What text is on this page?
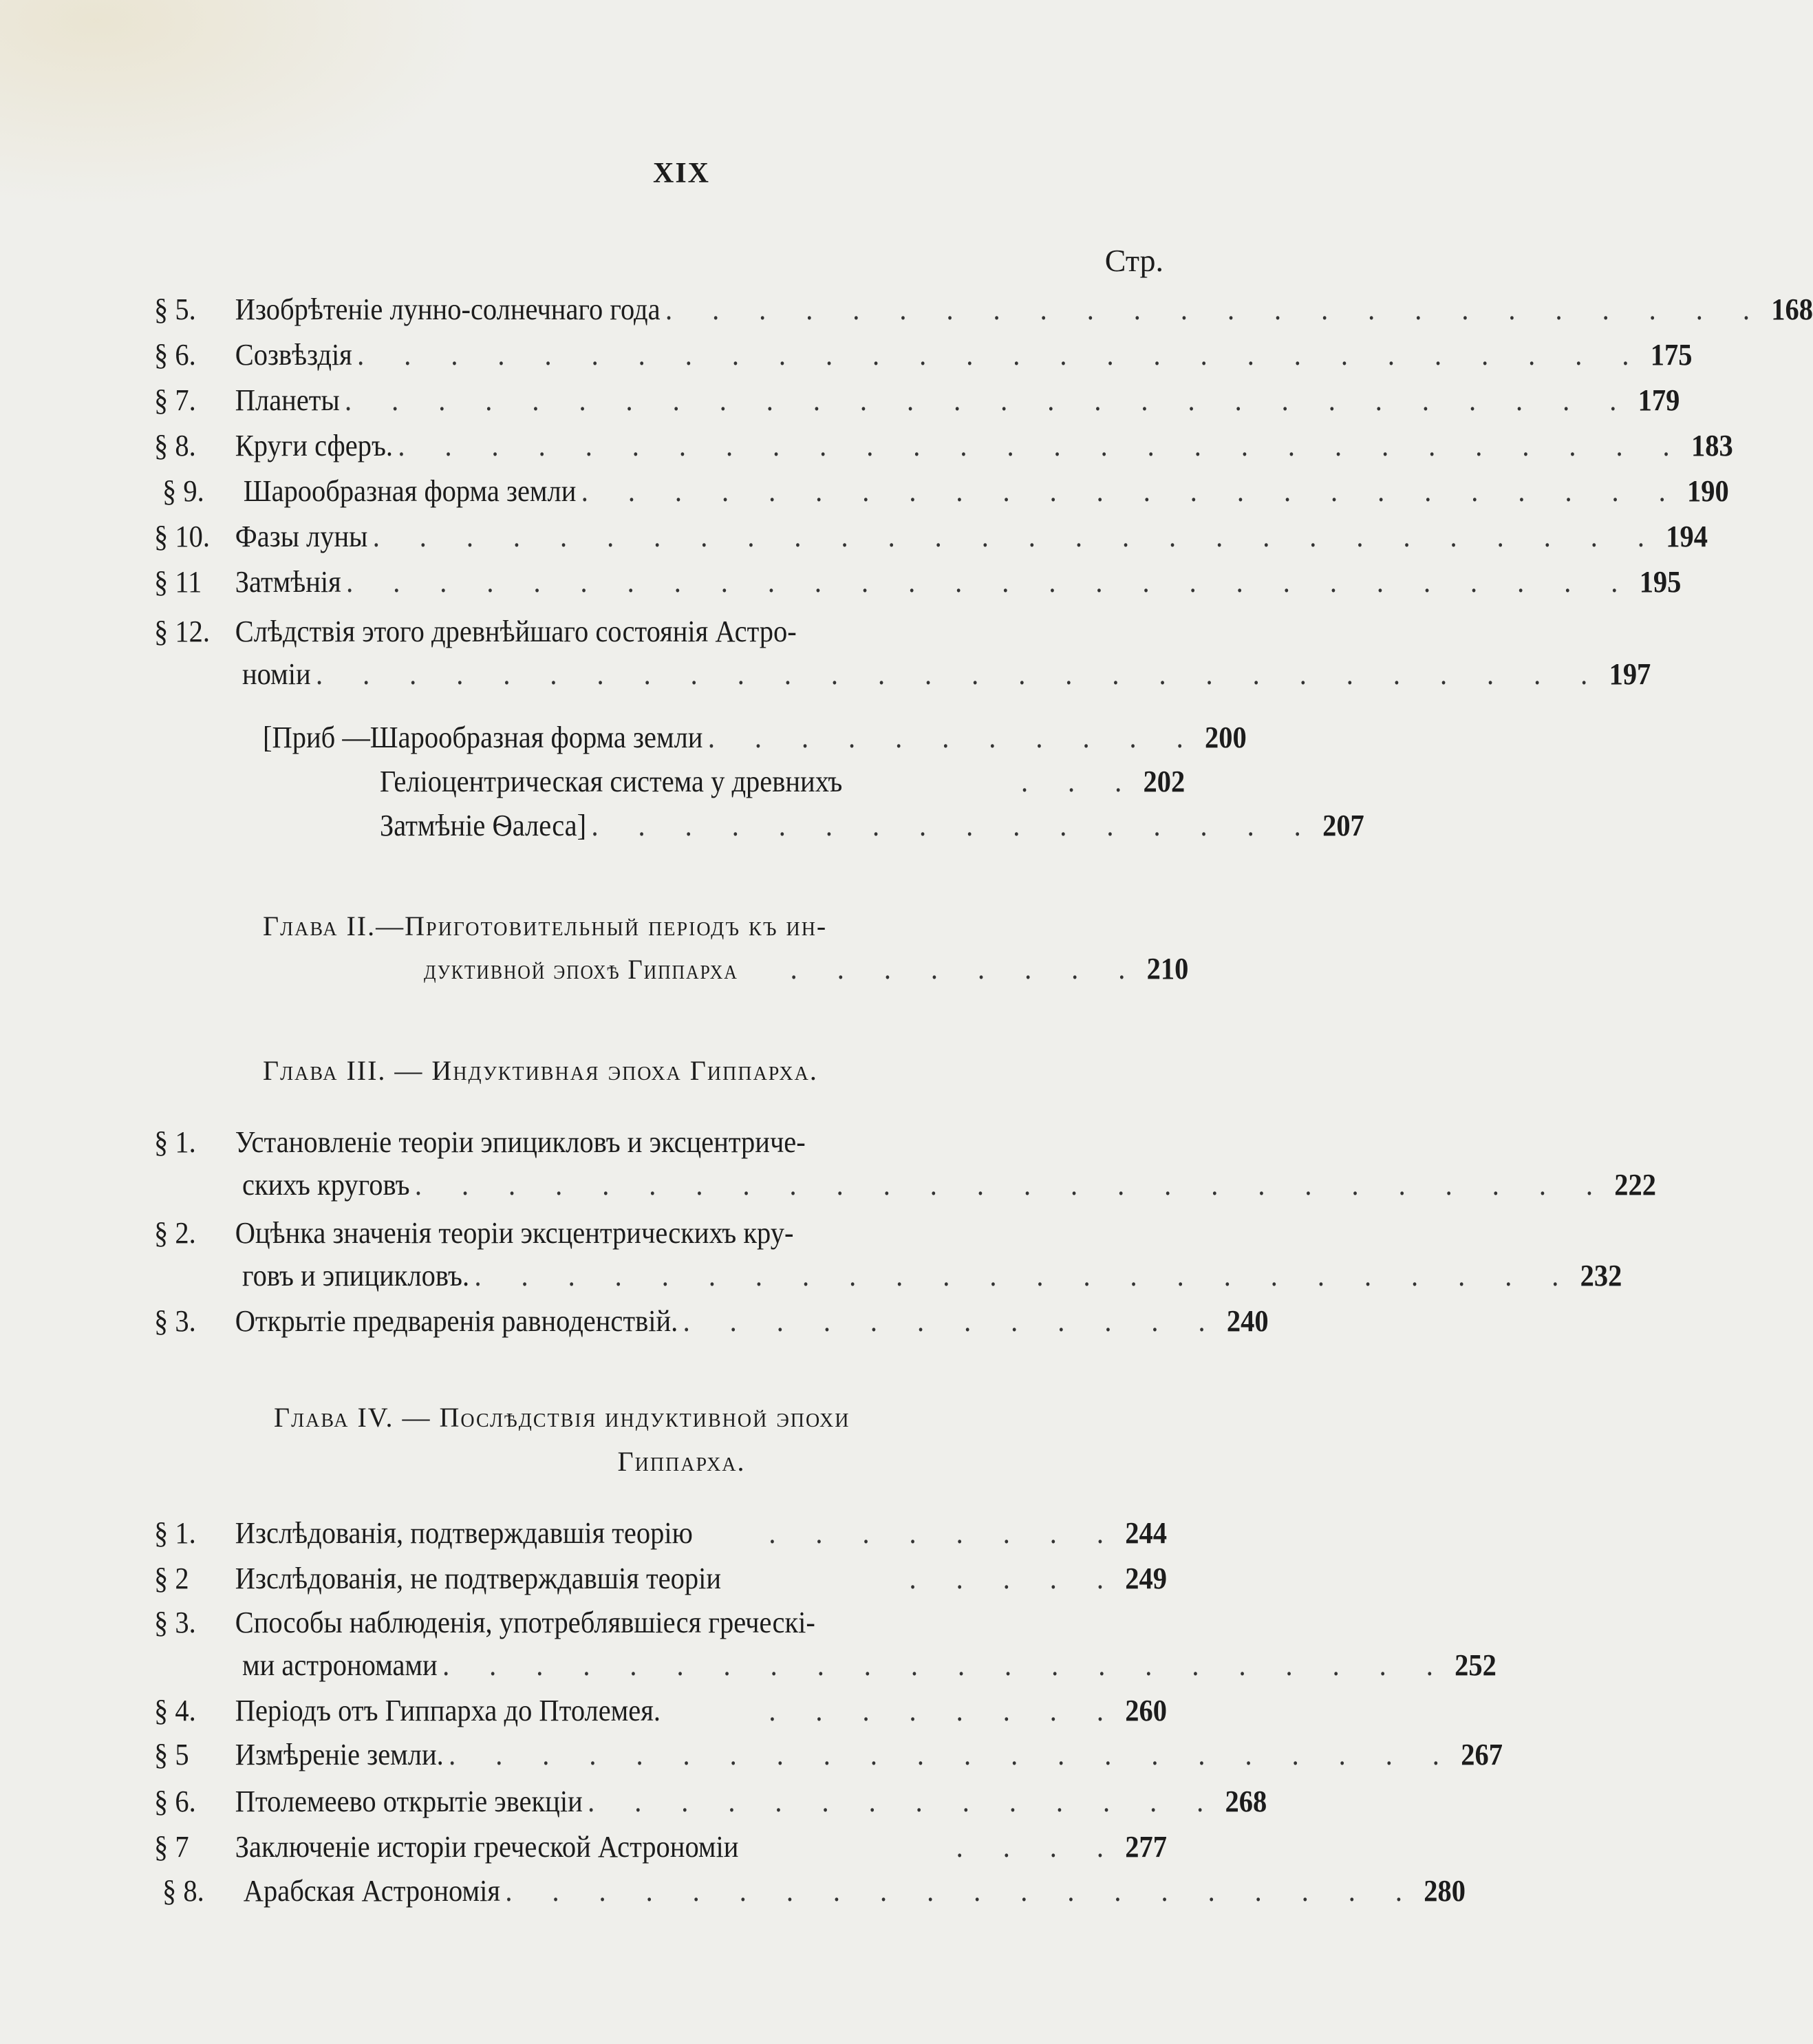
XIX
Стр.
§ 5.	Изобрѣтеніе лунно-солнечнаго года . . . . . . . . . . . . . . . . . . . . . . . . 168
§ 6.	Созвѣздія . . . . . . . . . . . . . . . . . . . . . . . . . . . . 175
§ 7.	Планеты . . . . . . . . . . . . . . . . . . . . . . . . . . . . 179
§ 8.	Круги сферъ. . . . . . . . . . . . . . . . . . . . . . . . . . . . . 183
§ 9.	Шарообразная форма земли . . . . . . . . . . . . . . . . . . . . . . . . 190
§ 10. Фазы луны . . . . . . . . . . . . . . . . . . . . . . . . . . . . 194
§ 11	Затмѣнія . . . . . . . . . . . . . . . . . . . . . . . . . . . . 195
§ 12. Слѣдствія этого древнѣйшаго состоянія Астро-
номіи . . . . . . . . . . . . . . . . . . . . . . . . . . . . 197
[Приб —Шарообразная форма земли . . . . . . . . . . . 200
Геліоцентрическая система у древнихъ	. . . 202
Затмѣніе Ѳалеса] . . . . . . . . . . . . . . . . 207
Глава II.—Приготовительный періодъ къ ин-
дуктивной эпохѣ Гиппарха	. . . . . . . . 210
Глава III. — Индуктивная эпоха Гиппарха.
§ 1.	Установленіе теоріи эпицикловъ и эксцентриче-
скихъ круговъ . . . . . . . . . . . . . . . . . . . . . . . . . . 222
§ 2.	Оцѣнка значенія теоріи эксцентрическихъ кру-
говъ и эпицикловъ. . . . . . . . . . . . . . . . . . . . . . . . . 232
§ 3.	Открытіе предваренія равноденствій. . . . . . . . . . . . . 240
Глава IV. — Послѣдствія индуктивной эпохи
Гиппарха.
§ 1.	Изслѣдованія, подтверждавшія теорію	. . . . . . . . 244
§ 2	Изслѣдованія, не подтверждавшія теоріи	. . . . . 249
§ 3.	Способы наблюденія, употреблявшіеся греческі-
ми астрономами . . . . . . . . . . . . . . . . . . . . . . 252
§ 4.	Періодъ отъ Гиппарха до Птолемея.	. . . . . . . . 260
§ 5	Измѣреніе земли. . . . . . . . . . . . . . . . . . . . . . . 267
§ 6.	Птолемеево открытіе эвекціи . . . . . . . . . . . . . . 268
§ 7	Заключеніе исторіи греческой Астрономіи	. . . . 277
§ 8.	Арабская Астрономія . . . . . . . . . . . . . . . . . . . . 280
